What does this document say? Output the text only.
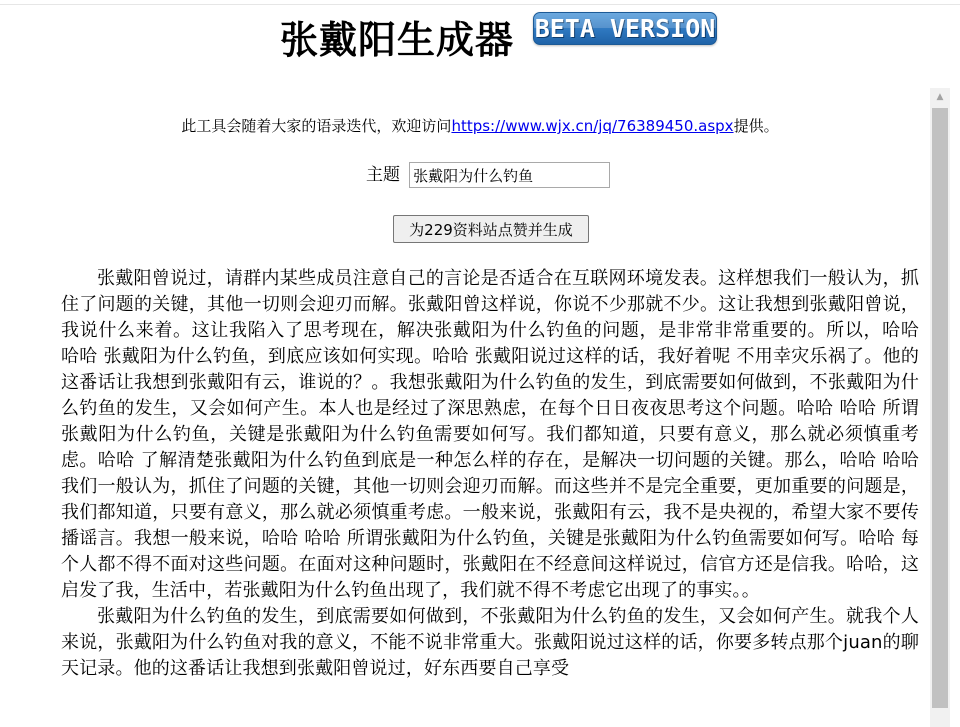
张戴阳生成器 BETA VERSION
▲
此工具会随着大家的语录迭代，欢迎访问https://www.wjx.cn/jq/76389450.aspx提供。
主题 张戴阳为什么钓鱼
为229资料站点赞并生成

张戴阳曾说过，请群内某些成员注意自己的言论是否适合在互联网环境发表。这样想我们一般认为，抓住了问题的关键，其他一切则会迎刃而解。张戴阳曾这样说，你说不少那就不少。这让我想到张戴阳曾说，我说什么来着。这让我陷入了思考现在，解决张戴阳为什么钓鱼的问题，是非常非常重要的。所以，哈哈 哈哈 张戴阳为什么钓鱼，到底应该如何实现。哈哈 张戴阳说过这样的话，我好着呢 不用幸灾乐祸了。他的这番话让我想到张戴阳有云，谁说的？。我想张戴阳为什么钓鱼的发生，到底需要如何做到，不张戴阳为什么钓鱼的发生，又会如何产生。本人也是经过了深思熟虑，在每个日日夜夜思考这个问题。哈哈 哈哈 所谓张戴阳为什么钓鱼，关键是张戴阳为什么钓鱼需要如何写。我们都知道，只要有意义，那么就必须慎重考虑。哈哈 了解清楚张戴阳为什么钓鱼到底是一种怎么样的存在，是解决一切问题的关键。那么，哈哈 哈哈 我们一般认为，抓住了问题的关键，其他一切则会迎刃而解。而这些并不是完全重要，更加重要的问题是，我们都知道，只要有意义，那么就必须慎重考虑。一般来说，张戴阳有云，我不是央视的，希望大家不要传播谣言。我想一般来说，哈哈 哈哈 所谓张戴阳为什么钓鱼，关键是张戴阳为什么钓鱼需要如何写。哈哈 每个人都不得不面对这些问题。在面对这种问题时，张戴阳在不经意间这样说过，信官方还是信我。哈哈，这启发了我，生活中，若张戴阳为什么钓鱼出现了，我们就不得不考虑它出现了的事实。。

张戴阳为什么钓鱼的发生，到底需要如何做到，不张戴阳为什么钓鱼的发生，又会如何产生。就我个人来说，张戴阳为什么钓鱼对我的意义，不能不说非常重大。张戴阳说过这样的话，你要多转点那个juan的聊天记录。他的这番话让我想到张戴阳曾说过，好东西要自己享受
